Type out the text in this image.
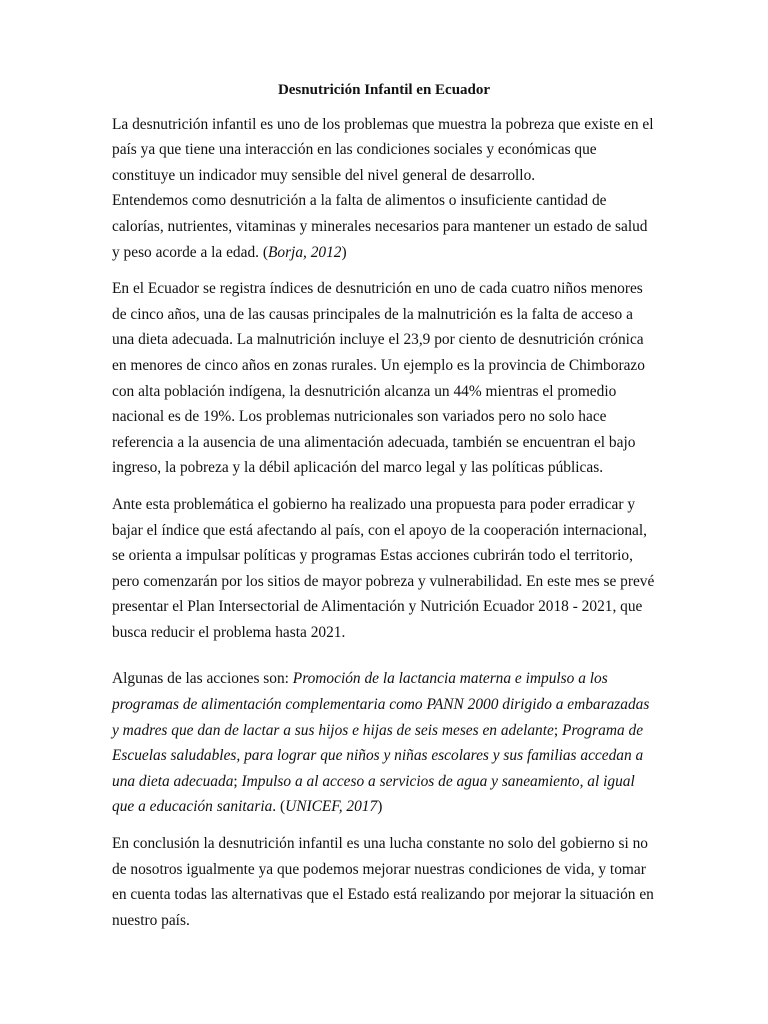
Desnutrición Infantil en Ecuador

La desnutrición infantil es uno de los problemas que muestra la pobreza que existe en el país ya que tiene una interacción en las condiciones sociales y económicas que constituye un indicador muy sensible del nivel general de desarrollo.

Entendemos como desnutrición a la falta de alimentos o insuficiente cantidad de calorías, nutrientes, vitaminas y minerales necesarios para mantener un estado de salud y peso acorde a la edad. (Borja, 2012)

En el Ecuador se registra índices de desnutrición en uno de cada cuatro niños menores de cinco años, una de las causas principales de la malnutrición es la falta de acceso a una dieta adecuada. La malnutrición incluye el 23,9 por ciento de desnutrición crónica en menores de cinco años en zonas rurales. Un ejemplo es la provincia de Chimborazo con alta población indígena, la desnutrición alcanza un 44% mientras el promedio nacional es de 19%. Los problemas nutricionales son variados pero no solo hace referencia a la ausencia de una alimentación adecuada, también se encuentran el bajo ingreso, la pobreza y la débil aplicación del marco legal y las políticas públicas.

Ante esta problemática el gobierno ha realizado una propuesta para poder erradicar y bajar el índice que está afectando al país, con el apoyo de la cooperación internacional, se orienta a impulsar políticas y programas Estas acciones cubrirán todo el territorio, pero comenzarán por los sitios de mayor pobreza y vulnerabilidad. En este mes se prevé presentar el Plan Intersectorial de Alimentación y Nutrición Ecuador 2018 - 2021, que busca reducir el problema hasta 2021.

Algunas de las acciones son: Promoción de la lactancia materna e impulso a los programas de alimentación complementaria como PANN 2000 dirigido a embarazadas y madres que dan de lactar a sus hijos e hijas de seis meses en adelante; Programa de Escuelas saludables, para lograr que niños y niñas escolares y sus familias accedan a una dieta adecuada; Impulso a al acceso a servicios de agua y saneamiento, al igual que a educación sanitaria. (UNICEF, 2017)

En conclusión la desnutrición infantil es una lucha constante no solo del gobierno si no de nosotros igualmente ya que podemos mejorar nuestras condiciones de vida, y tomar en cuenta todas las alternativas que el Estado está realizando por mejorar la situación en nuestro país.
